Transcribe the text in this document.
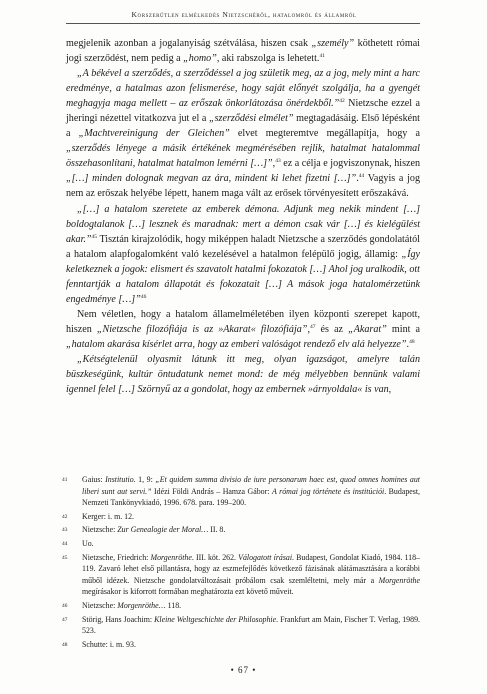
Korszerűtlen elmélkedés Nietzschéről, hatalomról és államról

megjelenik azonban a jogalanyiság szétválása, hiszen csak „személy” köthetett római jogi szerződést, nem pedig a „homo”, aki rabszolga is lehetett.$^{41}$

„A békével a szerződés, a szerződéssel a jog születik meg, az a jog, mely mint a harc eredménye, a hatalmas azon felismerése, hogy saját előnyét szolgálja, ha a gyengét meghagyja maga mellett – az erőszak önkorlátozása önérdekből.”$^{42}$ Nietzsche ezzel a jheringi nézettel vitatkozva jut el a „szerződési elmélet” megtagadásáig. Első lépésként a „Machtvereinigung der Gleichen” elvet megteremtve megállapítja, hogy a „szerződés lényege a másik értékének megmérésében rejlik, hatalmat hatalommal összehasonlítani, hatalmat hatalmon lemérni […]”,$^{43}$ ez a célja e jogviszonynak, hiszen „[…] minden dolognak megvan az ára, mindent ki lehet fizetni […]”.$^{44}$ Vagyis a jog nem az erőszak helyébe lépett, hanem maga vált az erősek törvényesített erőszakává.

„[…] a hatalom szeretete az emberek démona. Adjunk meg nekik mindent […] boldogtalanok […] lesznek és maradnak: mert a démon csak vár […] és kielégülést akar.”$^{45}$ Tisztán kirajzolódik, hogy miképpen haladt Nietzsche a szerződés gondolatától a hatalom alapfogalomként való kezelésével a hatalmon felépülő jogig, államig: „Így keletkeznek a jogok: elismert és szavatolt hatalmi fokozatok […] Ahol jog uralkodik, ott fenntartják a hatalom állapotát és fokozatait […] A mások joga hatalomérzetünk engedménye […]”$^{46}$

Nem véletlen, hogy a hatalom államelméletében ilyen központi szerepet kapott, hiszen „Nietzsche filozófiája is az »Akarat« filozófiája”,$^{47}$ és az „Akarat” mint a „hatalom akarása kísérlet arra, hogy az emberi valóságot rendező elv alá helyezze”.$^{48}$

„Kétségtelenül olyasmit látunk itt meg, olyan igazságot, amelyre talán büszkeségünk, kultúr öntudatunk nemet mond: de még mélyebben bennünk valami igennel felel […] Szörnyű az a gondolat, hogy az embernek »árnyoldala« is van,

41 Gaius: Institutio. 1, 9: „Et quidem summa divisio de iure personarum haec est, quod omnes homines aut liberi sunt aut servi.” Idézi Földi András – Hamza Gábor: A római jog története és institúciói. Budapest, Nemzeti Tankönyvkiadó, 1996. 678. para. 199–200.
42 Kerger: i. m. 12.
43 Nietzsche: Zur Genealogie der Moral… II. 8.
44 Uo.
45 Nietzsche, Friedrich: Morgenröthe. III. köt. 262. Válogatott írásai. Budapest, Gondolat Kiadó, 1984. 118–119. Zavaró lehet első pillantásra, hogy az eszmefejlődés következő fázisának alátámasztására a korábbi műből idézek. Nietzsche gondolatváltozásait próbálom csak szemléltetni, mely már a Morgenröthe megírásakor is kiforrott formában meghatározta ezt követő műveit.
46 Nietzsche: Morgenröthe… 118.
47 Störig, Hans Joachim: Kleine Weltgeschichte der Philosophie. Frankfurt am Main, Fischer T. Verlag, 1989. 523.
48 Schutte: i. m. 93.
• 67 •
